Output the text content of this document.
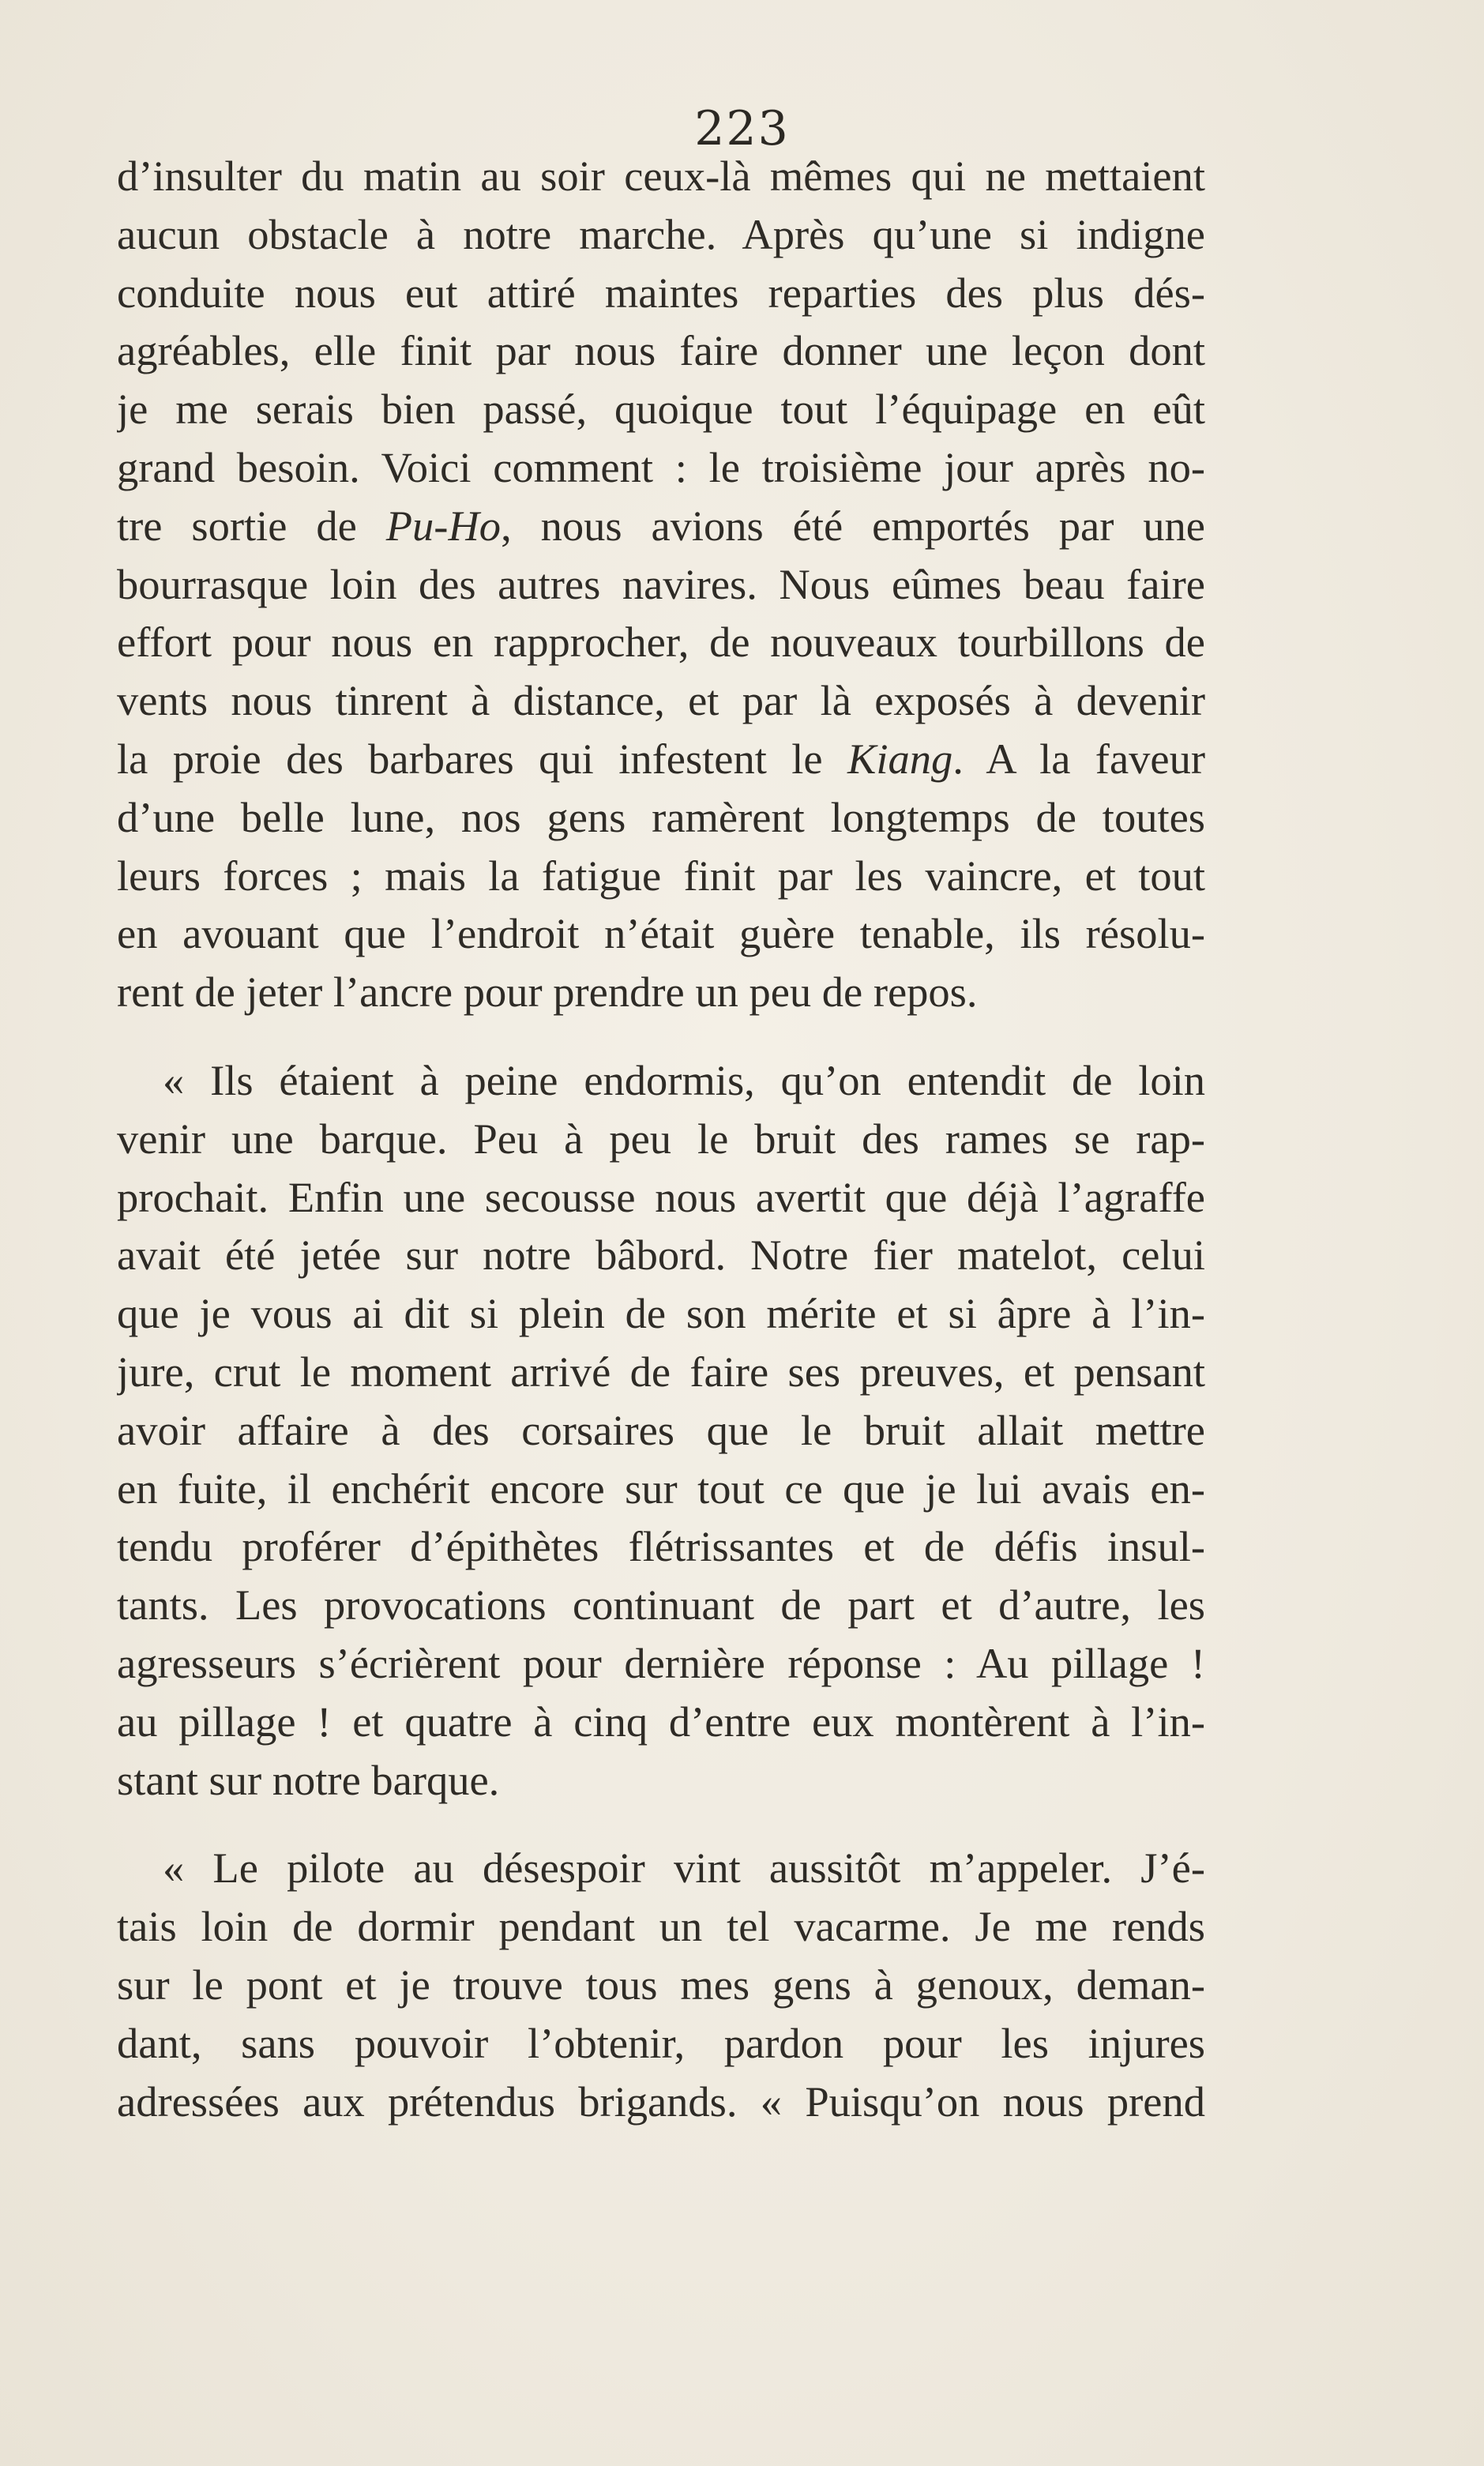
223
d’insulter du matin au soir ceux-là mêmes qui ne mettaient
aucun obstacle à notre marche. Après qu’une si indigne
conduite nous eut attiré maintes reparties des plus dés-
agréables, elle finit par nous faire donner une leçon dont
je me serais bien passé, quoique tout l’équipage en eût
grand besoin. Voici comment : le troisième jour après no-
tre sortie de Pu-Ho, nous avions été emportés par une
bourrasque loin des autres navires. Nous eûmes beau faire
effort pour nous en rapprocher, de nouveaux tourbillons de
vents nous tinrent à distance, et par là exposés à devenir
la proie des barbares qui infestent le Kiang. A la faveur
d’une belle lune, nos gens ramèrent longtemps de toutes
leurs forces ; mais la fatigue finit par les vaincre, et tout
en avouant que l’endroit n’était guère tenable, ils résolu-
rent de jeter l’ancre pour prendre un peu de repos.
« Ils étaient à peine endormis, qu’on entendit de loin
venir une barque. Peu à peu le bruit des rames se rap-
prochait. Enfin une secousse nous avertit que déjà l’agraffe
avait été jetée sur notre bâbord. Notre fier matelot, celui
que je vous ai dit si plein de son mérite et si âpre à l’in-
jure, crut le moment arrivé de faire ses preuves, et pensant
avoir affaire à des corsaires que le bruit allait mettre
en fuite, il enchérit encore sur tout ce que je lui avais en-
tendu proférer d’épithètes flétrissantes et de défis insul-
tants. Les provocations continuant de part et d’autre, les
agresseurs s’écrièrent pour dernière réponse : Au pillage !
au pillage ! et quatre à cinq d’entre eux montèrent à l’in-
stant sur notre barque.
« Le pilote au désespoir vint aussitôt m’appeler. J’é-
tais loin de dormir pendant un tel vacarme. Je me rends
sur le pont et je trouve tous mes gens à genoux, deman-
dant, sans pouvoir l’obtenir, pardon pour les injures
adressées aux prétendus brigands. « Puisqu’on nous prend
